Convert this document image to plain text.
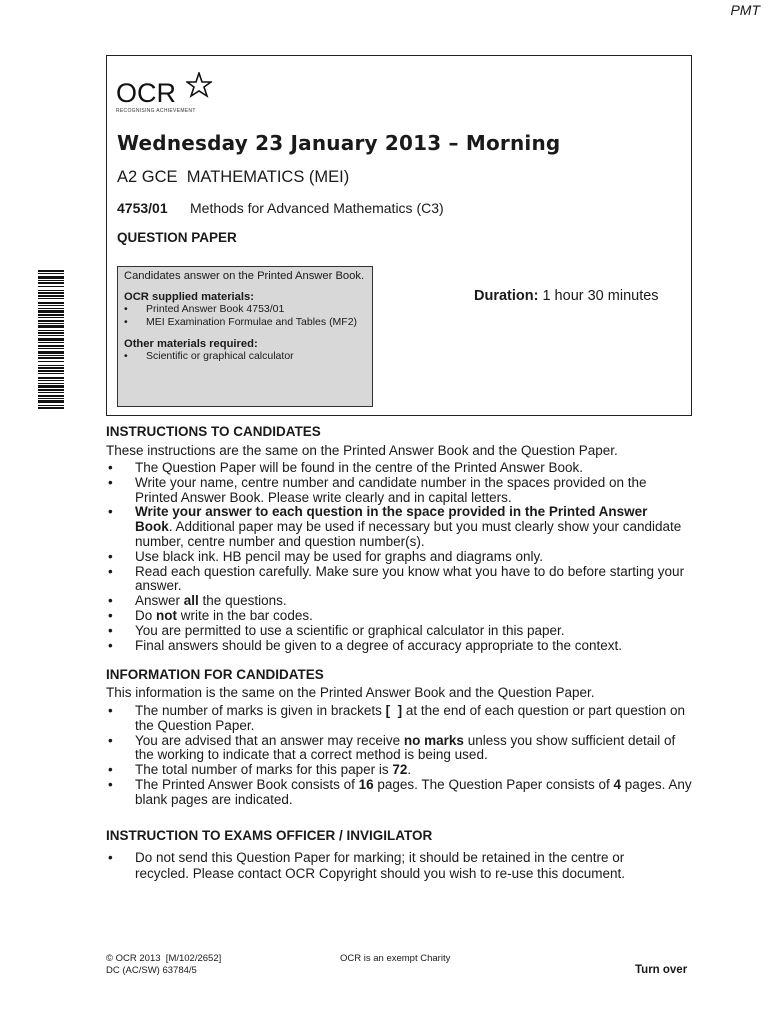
PMT
OCR
RECOGNISING ACHIEVEMENT
Wednesday 23 January 2013 – Morning
A2 GCE  MATHEMATICS (MEI)
4753/01 Methods for Advanced Mathematics (C3)
QUESTION PAPER
Candidates answer on the Printed Answer Book.
OCR supplied materials:
• Printed Answer Book 4753/01
• MEI Examination Formulae and Tables (MF2)
Other materials required:
• Scientific or graphical calculator
Duration: 1 hour 30 minutes
INSTRUCTIONS TO CANDIDATES
These instructions are the same on the Printed Answer Book and the Question Paper.
• The Question Paper will be found in the centre of the Printed Answer Book.
• Write your name, centre number and candidate number in the spaces provided on the Printed Answer Book. Please write clearly and in capital letters.
• Write your answer to each question in the space provided in the Printed Answer Book. Additional paper may be used if necessary but you must clearly show your candidate number, centre number and question number(s).
• Use black ink. HB pencil may be used for graphs and diagrams only.
• Read each question carefully. Make sure you know what you have to do before starting your answer.
• Answer all the questions.
• Do not write in the bar codes.
• You are permitted to use a scientific or graphical calculator in this paper.
• Final answers should be given to a degree of accuracy appropriate to the context.
INFORMATION FOR CANDIDATES
This information is the same on the Printed Answer Book and the Question Paper.
• The number of marks is given in brackets [  ] at the end of each question or part question on the Question Paper.
• You are advised that an answer may receive no marks unless you show sufficient detail of the working to indicate that a correct method is being used.
• The total number of marks for this paper is 72.
• The Printed Answer Book consists of 16 pages. The Question Paper consists of 4 pages. Any blank pages are indicated.
INSTRUCTION TO EXAMS OFFICER / INVIGILATOR
• Do not send this Question Paper for marking; it should be retained in the centre or recycled. Please contact OCR Copyright should you wish to re-use this document.
© OCR 2013  [M/102/2652]
DC (AC/SW) 63784/5
OCR is an exempt Charity
Turn over
